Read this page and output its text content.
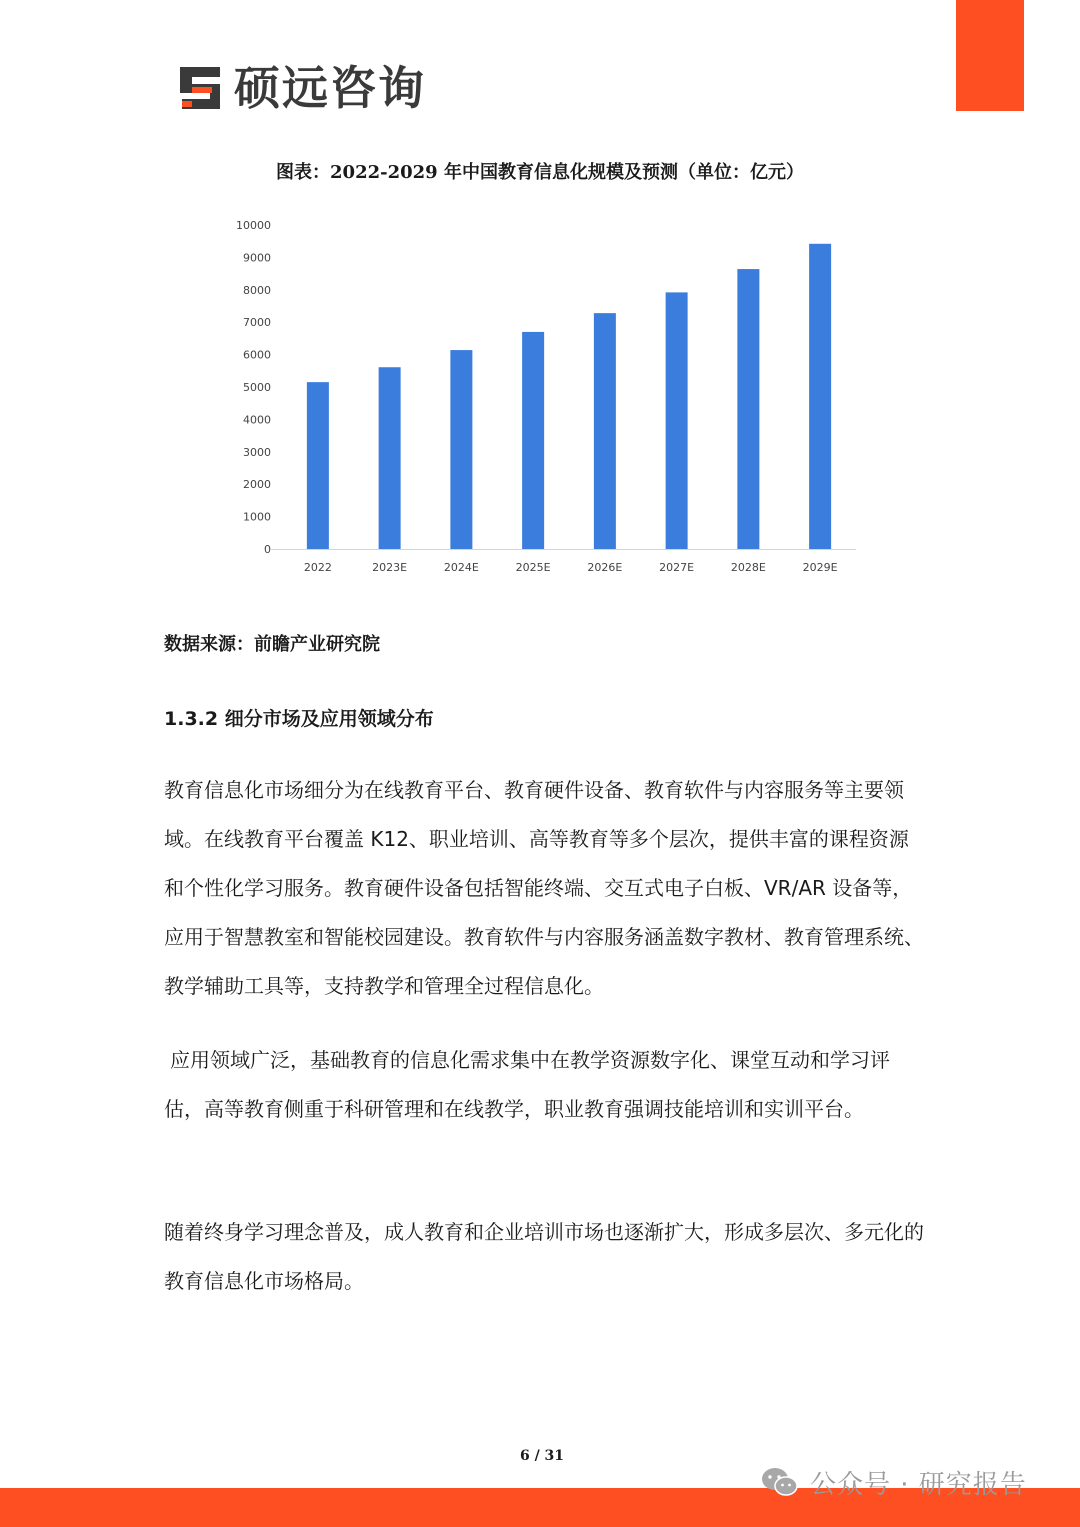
硕远咨询
图表：2022-2029 年中国教育信息化规模及预测（单位：亿元）
0
1000
2000
3000
4000
5000
6000
7000
8000
9000
10000
2022	2023E	2024E	2025E	2026E	2027E	2028E	2029E
数据来源：前瞻产业研究院
1.3.2 细分市场及应用领域分布

教育信息化市场细分为在线教育平台、教育硬件设备、教育软件与内容服务等主要领域。在线教育平台覆盖 K12、职业培训、高等教育等多个层次，提供丰富的课程资源和个性化学习服务。教育硬件设备包括智能终端、交互式电子白板、VR/AR 设备等，应用于智慧教室和智能校园建设。教育软件与内容服务涵盖数字教材、教育管理系统、教学辅助工具等，支持教学和管理全过程信息化。

应用领域广泛，基础教育的信息化需求集中在教学资源数字化、课堂互动和学习评估，高等教育侧重于科研管理和在线教学，职业教育强调技能培训和实训平台。

随着终身学习理念普及，成人教育和企业培训市场也逐渐扩大，形成多层次、多元化的教育信息化市场格局。

6 / 31
公众号 · 研究报告
